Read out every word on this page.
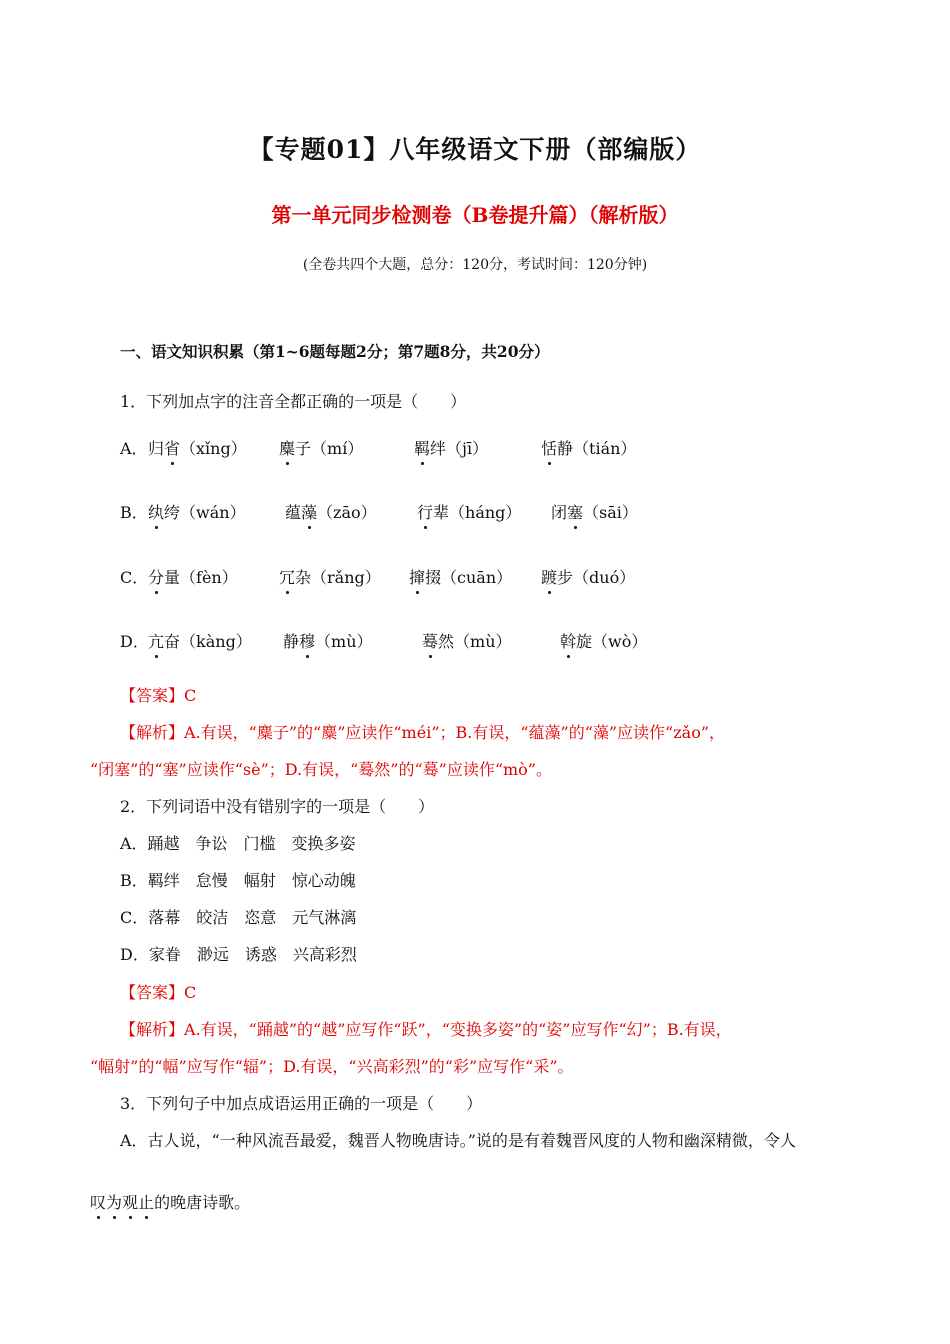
【专题01】八年级语文下册（部编版）
第一单元同步检测卷（B卷提升篇）（解析版）
(全卷共四个大题，总分：120分，考试时间：120分钟)
一、语文知识积累（第1~6题每题2分；第7题8分，共20分）
1．下列加点字的注音全都正确的一项是（　　）
A． 归省（xǐng） 麋子（mí）	羁绊（jī）	恬静（tián）
B． 纨绔（wán） 蕴藻（zāo）	行辈（háng） 闭塞（sāi）
C． 分量（fèn）	冗杂（rǎng） 撺掇（cuān） 踱步（duó）
D． 亢奋（kàng） 静穆（mù）	蓦然（mù）	斡旋（wò）
【答案】C
【解析】A.有误，“麋子”的“麋”应读作“méi”；B.有误，“蕴藻”的“藻”应读作“zǎo”，
“闭塞”的“塞”应读作“sè”；D.有误，“蓦然”的“蓦”应读作“mò”。
2．下列词语中没有错别字的一项是（　　）
A．踊越　争讼　门槛　变换多姿
B．羁绊　怠慢　幅射　惊心动魄
C．落幕　皎洁　恣意　元气淋漓
D．家眷　渺远　诱惑　兴高彩烈
【答案】C
【解析】A.有误，“踊越”的“越”应写作“跃”，“变换多姿”的“姿”应写作“幻”；B.有误，
“幅射”的“幅”应写作“辐”；D.有误，“兴高彩烈”的“彩”应写作“采”。
3．下列句子中加点成语运用正确的一项是（　　）
A．古人说，“一种风流吾最爱，魏晋人物晚唐诗。”说的是有着魏晋风度的人物和幽深精微，令人
叹为观止的晚唐诗歌。
